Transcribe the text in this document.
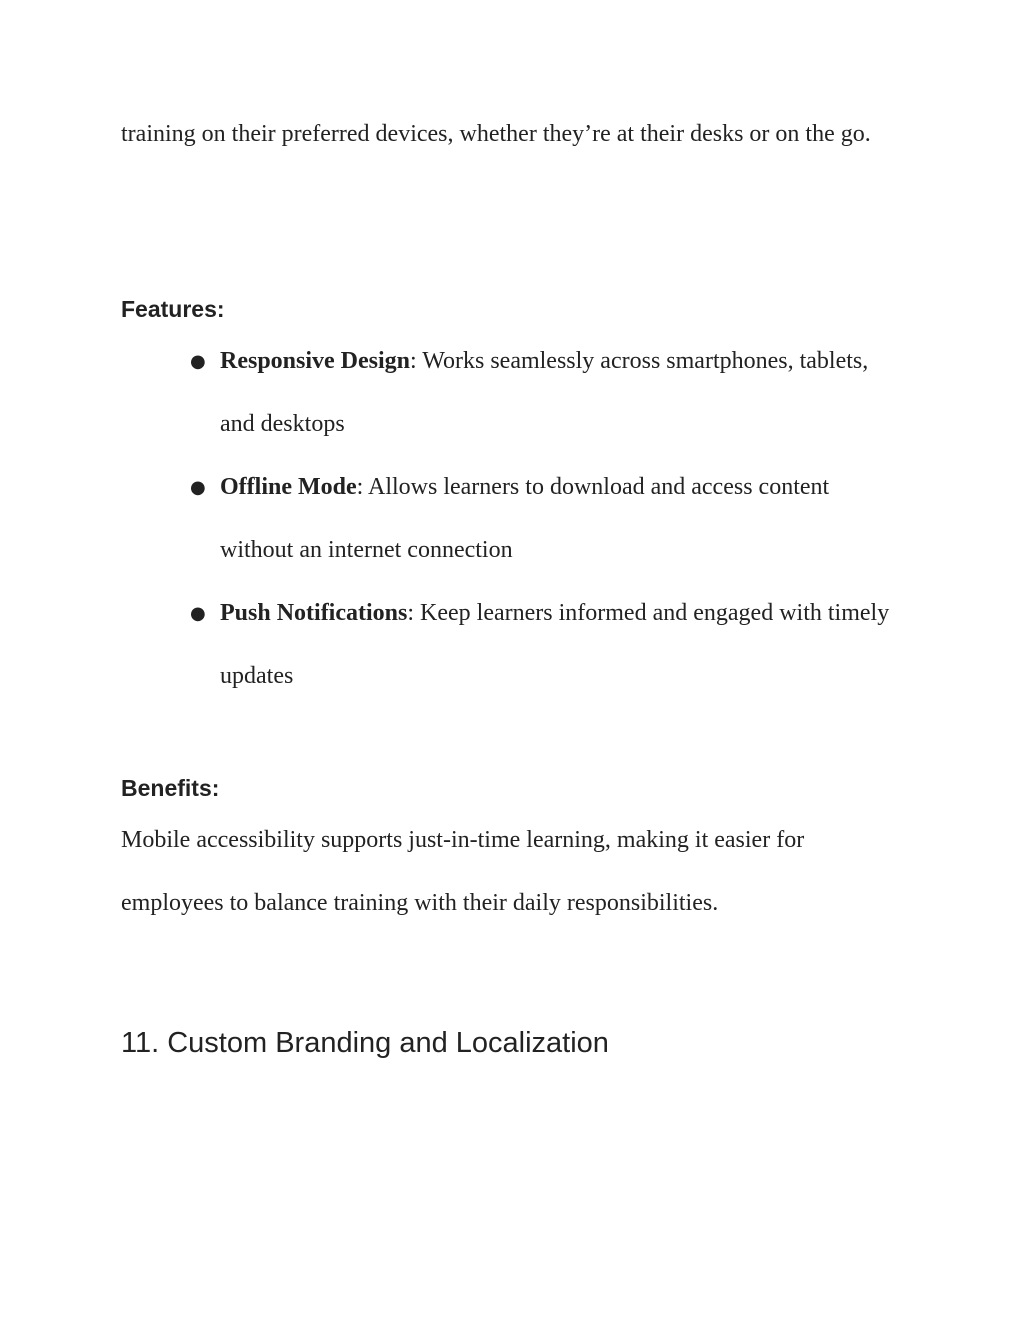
training on their preferred devices, whether they’re at their desks or on the go.

Features:
● Responsive Design: Works seamlessly across smartphones, tablets, and desktops
● Offline Mode: Allows learners to download and access content without an internet connection
● Push Notifications: Keep learners informed and engaged with timely updates
Benefits:

Mobile accessibility supports just-in-time learning, making it easier for employees to balance training with their daily responsibilities.

11. Custom Branding and Localization
